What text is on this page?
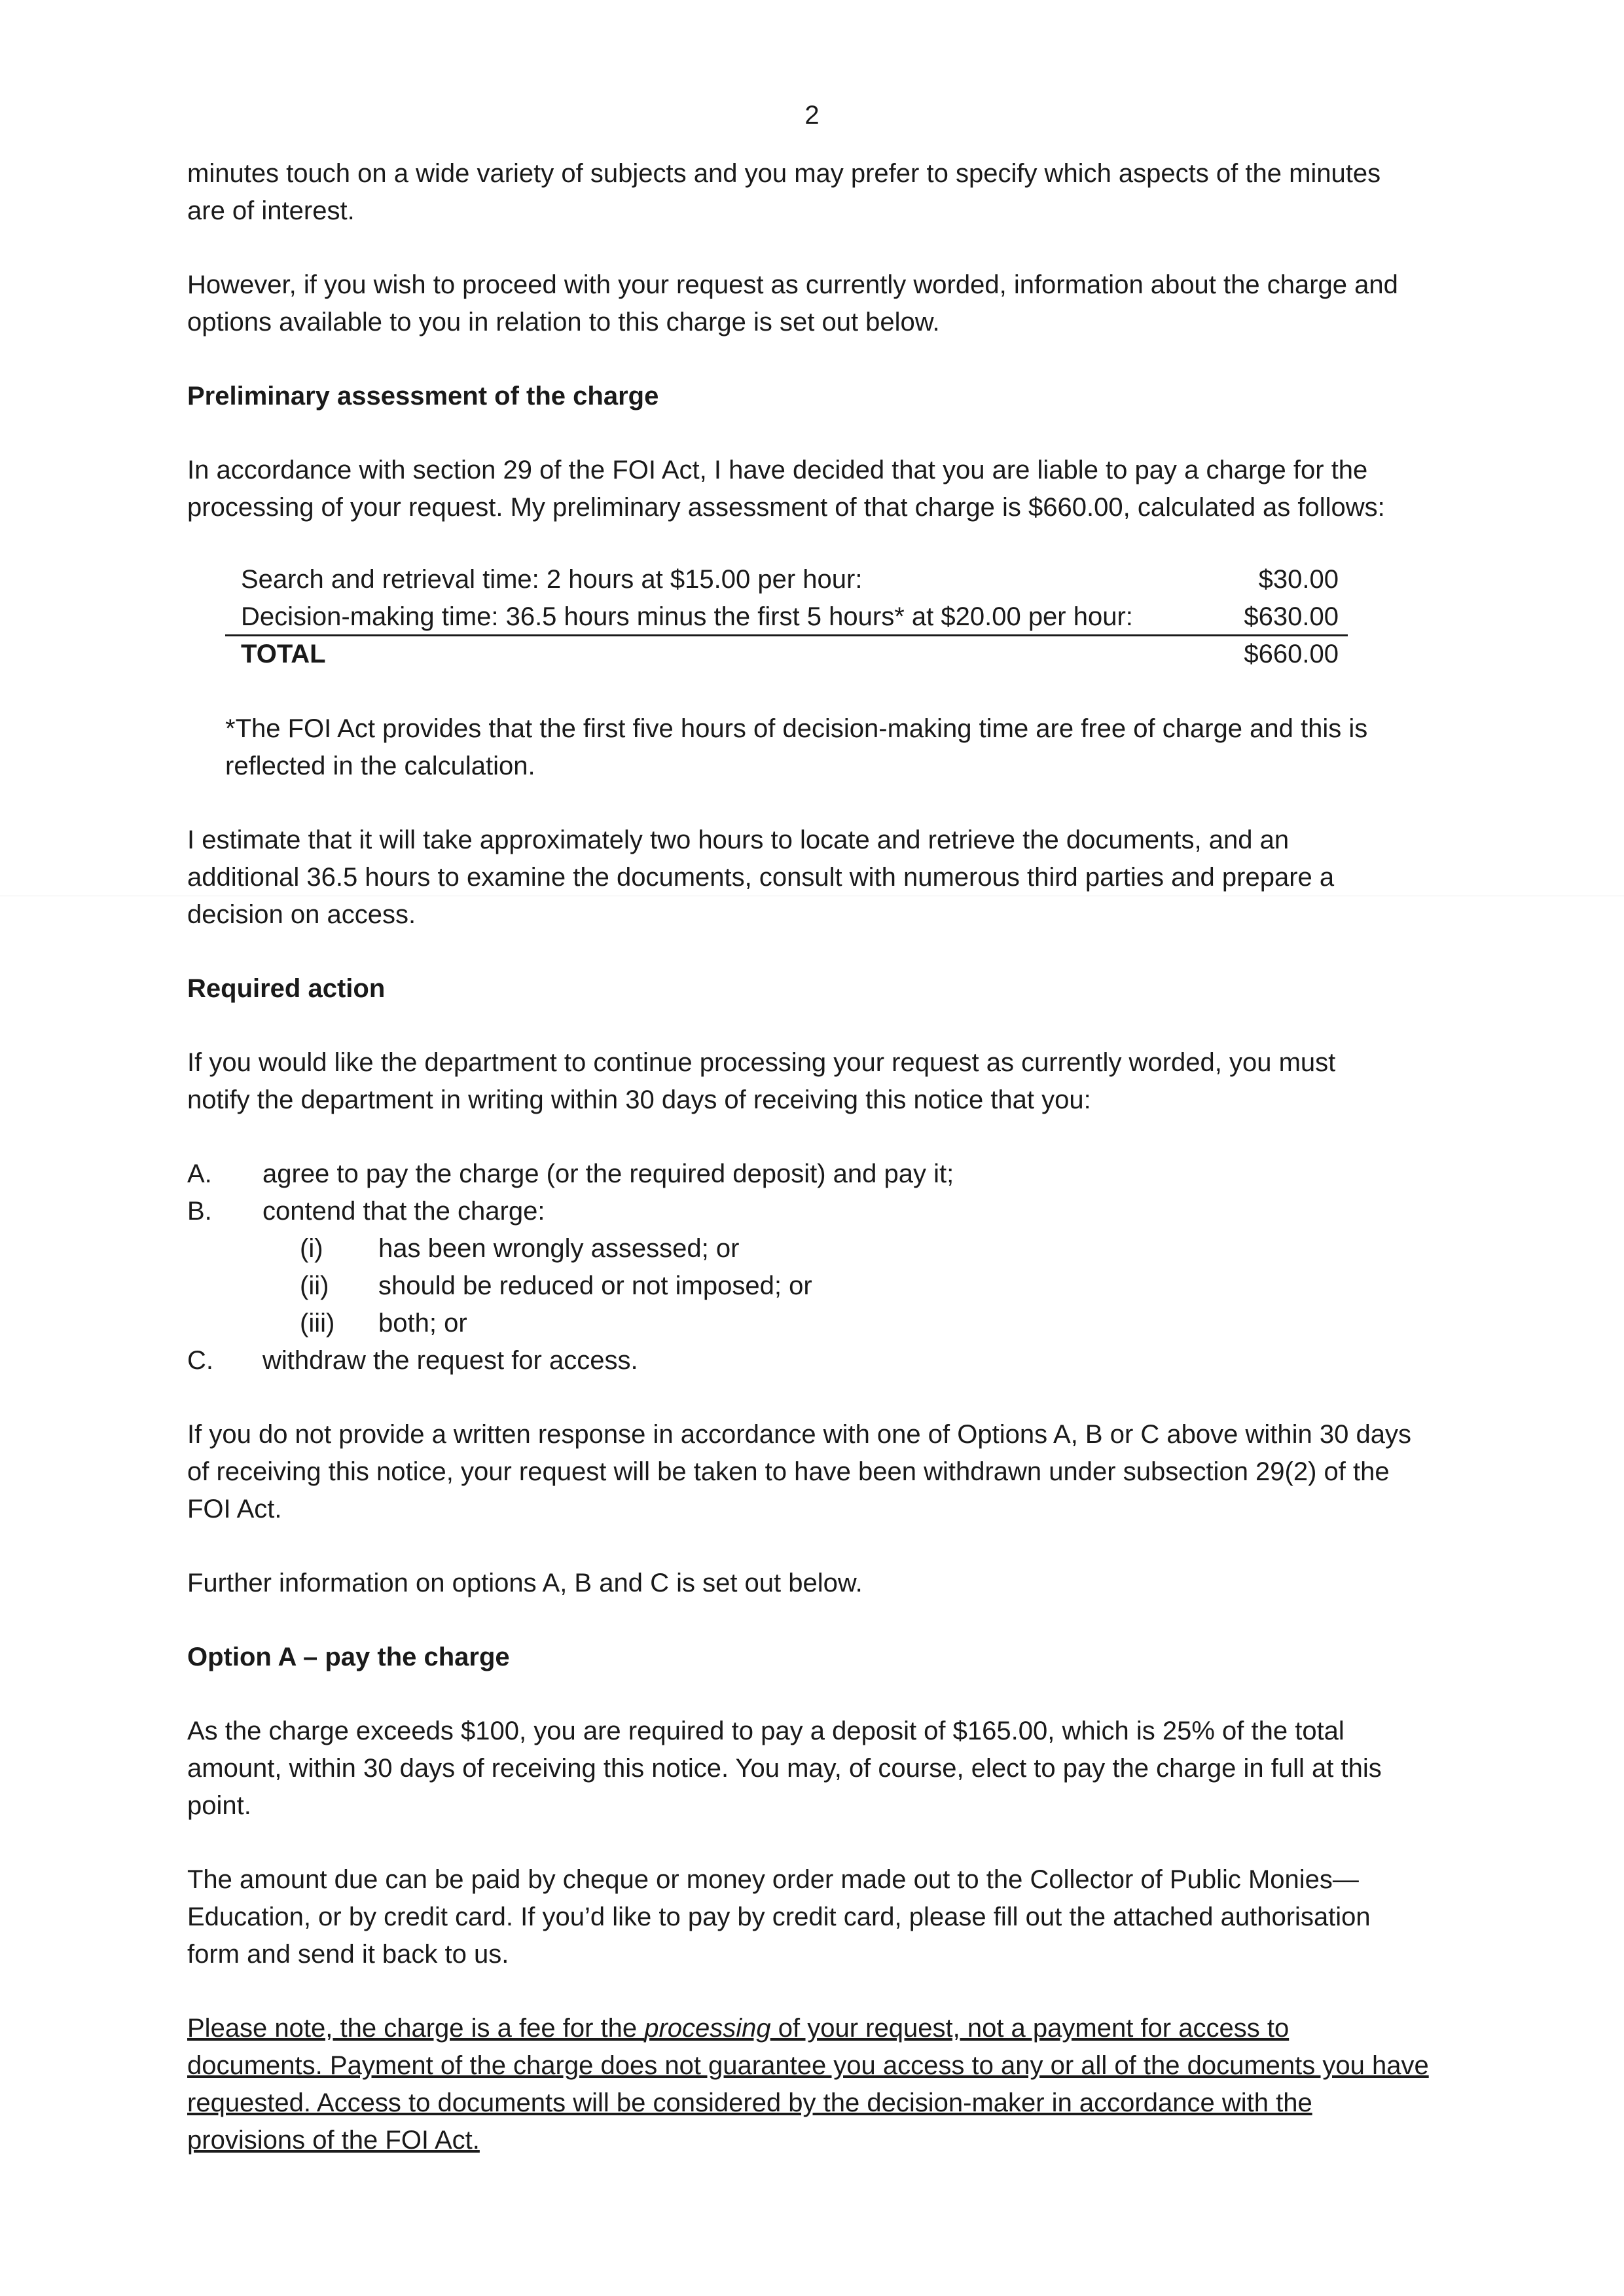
2

minutes touch on a wide variety of subjects and you may prefer to specify which aspects of the minutes
are of interest.

However, if you wish to proceed with your request as currently worded, information about the charge and
options available to you in relation to this charge is set out below.

Preliminary assessment of the charge

In accordance with section 29 of the FOI Act, I have decided that you are liable to pay a charge for the
processing of your request. My preliminary assessment of that charge is $660.00, calculated as follows:

Search and retrieval time: 2 hours at $15.00 per hour:	$30.00
Decision-making time: 36.5 hours minus the first 5 hours* at $20.00 per hour:	$630.00
TOTAL	$660.00

*The FOI Act provides that the first five hours of decision-making time are free of charge and this is
reflected in the calculation.

I estimate that it will take approximately two hours to locate and retrieve the documents, and an
additional 36.5 hours to examine the documents, consult with numerous third parties and prepare a
decision on access.

Required action

If you would like the department to continue processing your request as currently worded, you must
notify the department in writing within 30 days of receiving this notice that you:

A. agree to pay the charge (or the required deposit) and pay it;
B. contend that the charge:
(i) has been wrongly assessed; or
(ii) should be reduced or not imposed; or
(iii) both; or
C. withdraw the request for access.

If you do not provide a written response in accordance with one of Options A, B or C above within 30 days
of receiving this notice, your request will be taken to have been withdrawn under subsection 29(2) of the
FOI Act.

Further information on options A, B and C is set out below.

Option A – pay the charge

As the charge exceeds $100, you are required to pay a deposit of $165.00, which is 25% of the total
amount, within 30 days of receiving this notice. You may, of course, elect to pay the charge in full at this
point.

The amount due can be paid by cheque or money order made out to the Collector of Public Monies—
Education, or by credit card. If you’d like to pay by credit card, please fill out the attached authorisation
form and send it back to us.

Please note, the charge is a fee for the processing of your request, not a payment for access to
documents. Payment of the charge does not guarantee you access to any or all of the documents you have
requested. Access to documents will be considered by the decision-maker in accordance with the
provisions of the FOI Act.
